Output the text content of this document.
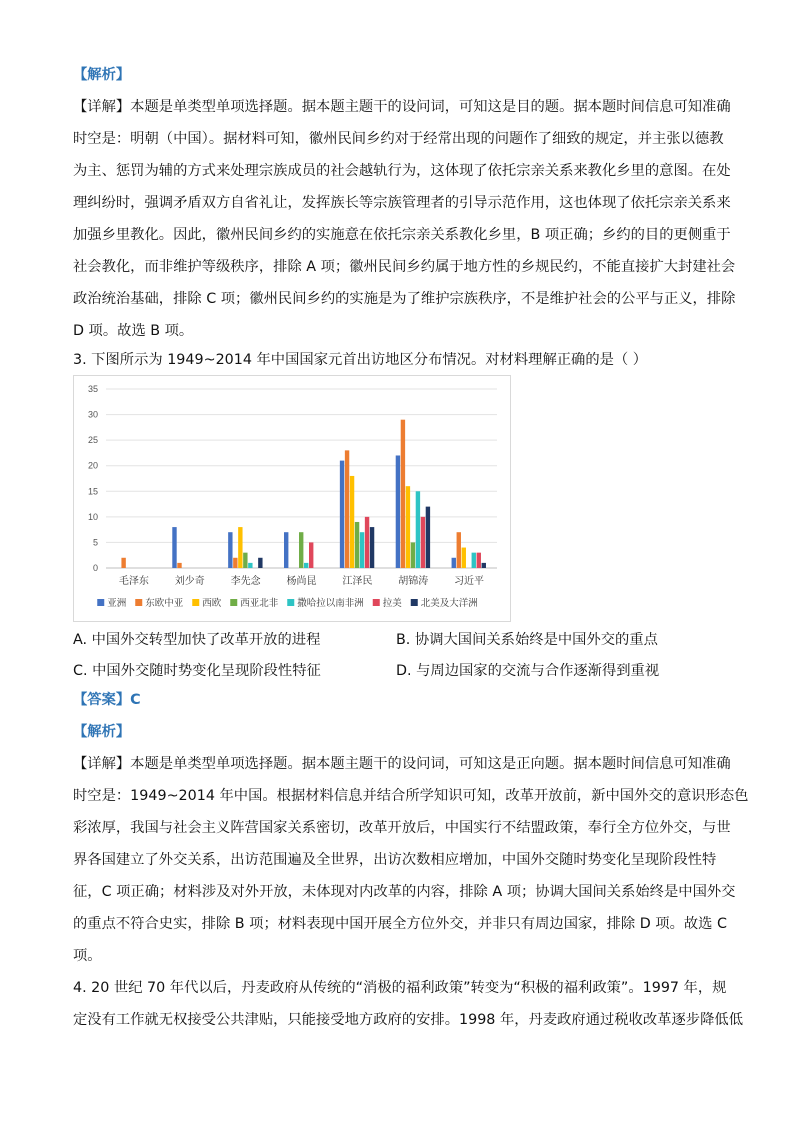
【解析】
【详解】本题是单类型单项选择题。据本题主题干的设问词，可知这是目的题。据本题时间信息可知准确
时空是：明朝（中国）。据材料可知，徽州民间乡约对于经常出现的问题作了细致的规定，并主张以德教
为主、惩罚为辅的方式来处理宗族成员的社会越轨行为，这体现了依托宗亲关系来教化乡里的意图。在处
理纠纷时，强调矛盾双方自省礼让，发挥族长等宗族管理者的引导示范作用，这也体现了依托宗亲关系来
加强乡里教化。因此，徽州民间乡约的实施意在依托宗亲关系教化乡里，B 项正确；乡约的目的更侧重于
社会教化，而非维护等级秩序，排除 A 项；徽州民间乡约属于地方性的乡规民约，不能直接扩大封建社会
政治统治基础，排除 C 项；徽州民间乡约的实施是为了维护宗族秩序，不是维护社会的公平与正义，排除
D 项。故选 B 项。
3. 下图所示为 1949~2014 年中国国家元首出访地区分布情况。对材料理解正确的是（ ）
0
5
10
15
20
25
30
35
毛泽东	刘少奇	李先念	杨尚昆	江泽民	胡锦涛	习近平
亚洲 东欧中亚 西欧 西亚北非 撒哈拉以南非洲 拉美 北美及大洋洲
A. 中国外交转型加快了改革开放的进程	B. 协调大国间关系始终是中国外交的重点
C. 中国外交随时势变化呈现阶段性特征	D. 与周边国家的交流与合作逐渐得到重视
【答案】C
【解析】
【详解】本题是单类型单项选择题。据本题主题干的设问词，可知这是正向题。据本题时间信息可知准确
时空是：1949~2014 年中国。根据材料信息并结合所学知识可知，改革开放前，新中国外交的意识形态色
彩浓厚，我国与社会主义阵营国家关系密切，改革开放后，中国实行不结盟政策，奉行全方位外交，与世
界各国建立了外交关系，出访范围遍及全世界，出访次数相应增加，中国外交随时势变化呈现阶段性特
征，C 项正确；材料涉及对外开放，未体现对内改革的内容，排除 A 项；协调大国间关系始终是中国外交
的重点不符合史实，排除 B 项；材料表现中国开展全方位外交，并非只有周边国家，排除 D 项。故选 C
项。
4. 20 世纪 70 年代以后，丹麦政府从传统的“消极的福利政策”转变为“积极的福利政策”。1997 年，规
定没有工作就无权接受公共津贴，只能接受地方政府的安排。1998 年，丹麦政府通过税收改革逐步降低低
